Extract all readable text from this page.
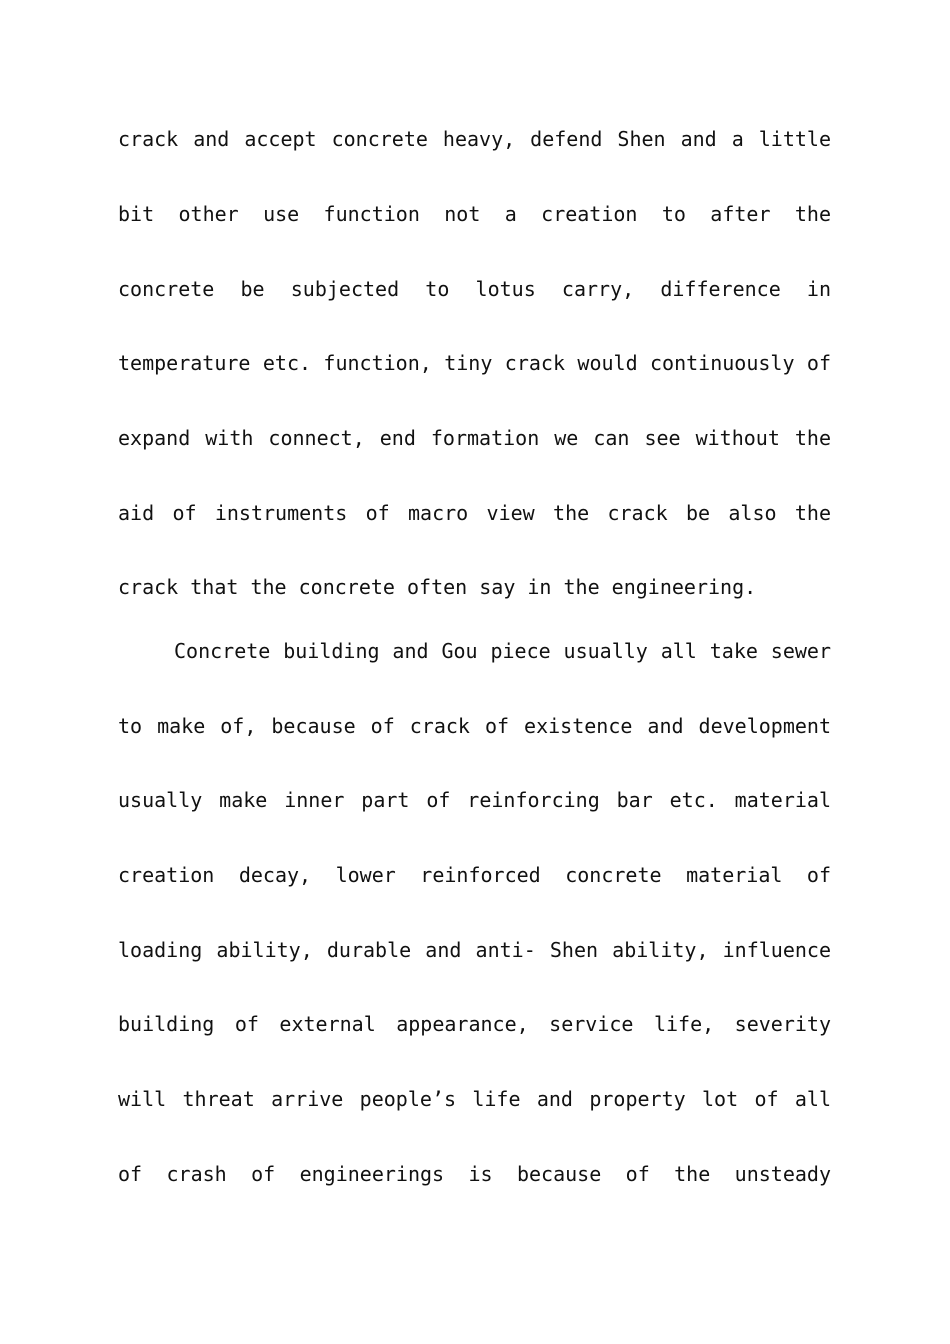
crack and accept concrete heavy, defend Shen and a little
bit other use function not a creation to after the
concrete be subjected to lotus carry, difference in
temperature etc. function, tiny crack would continuously of
expand with connect, end formation we can see without the
aid of instruments of macro view the crack be also the
crack that the concrete often say in the engineering.
Concrete building and Gou piece usually all take sewer
to make of, because of crack of existence and development
usually make inner part of reinforcing bar etc. material
creation decay, lower reinforced concrete material of
loading ability, durable and anti- Shen ability, influence
building of external appearance, service life, severity
will threat arrive people’s life and property lot of all
of crash of engineerings is because of the unsteady
